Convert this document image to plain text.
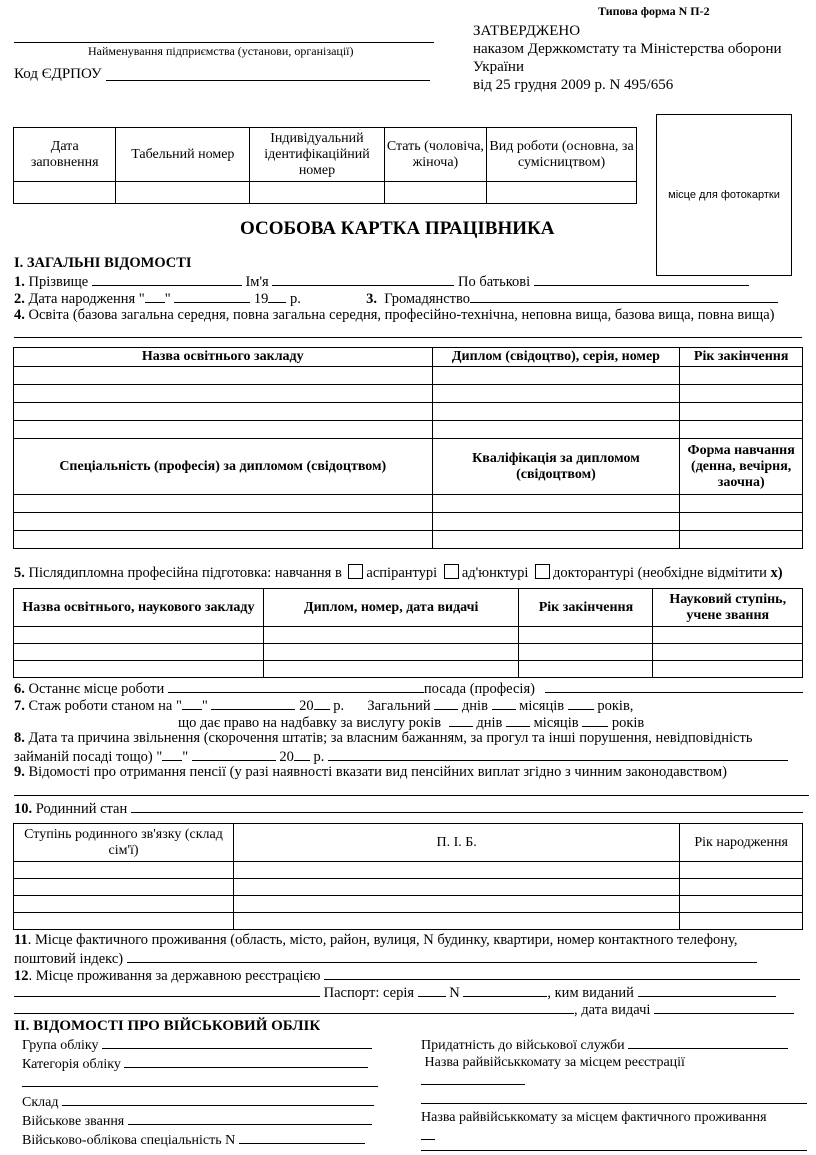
Типова форма N П-2
Найменування підприємства (установи, організації)
Код ЄДРПОУ
ЗАТВЕРДЖЕНО
наказом Держкомстату та Міністерства оборони
України
від 25 грудня 2009 р. N 495/656
Дата заповнення	Табельний номер	Індивідуальний ідентифікаційний номер	Стать (чоловіча, жіноча)	Вид роботи (основна, за сумісництвом)

місце для фотокартки
ОСОБОВА КАРТКА ПРАЦІВНИКА
I. ЗАГАЛЬНІ ВІДОМОСТІ
1. Прізвище	Ім'я	По батькові
2. Дата народження " "	19 р.	3. Громадянство
4. Освіта (базова загальна середня, повна загальна середня, професійно-технічна, неповна вища, базова вища, повна вища)
Назва освітнього закладу	Диплом (свідоцтво), серія, номер	Рік закінчення

Спеціальність (професія) за дипломом (свідоцтвом)	Кваліфікація за дипломом (свідоцтвом)	Форма навчання (денна, вечірня, заочна)

5. Післядипломна професійна підготовка: навчання в аспірантурі ад'юнктурі докторантурі (необхідне відмітити х)
Назва освітнього, наукового закладу	Диплом, номер, дата видачі	Рік закінчення	Науковий ступінь, учене звання

6. Останнє місце роботи	посада (професія)
7. Стаж роботи станом на " "	20 р. Загальний днів місяців років,
що дає право на надбавку за вислугу років днів місяців років
8. Дата та причина звільнення (скорочення штатів; за власним бажанням, за прогул та інші порушення, невідповідність
займаній посаді тощо) " "	20 р.
9. Відомості про отримання пенсії (у разі наявності вказати вид пенсійних виплат згідно з чинним законодавством)
10. Родинний стан
Ступінь родинного зв'язку (склад сім'ї)	П. І. Б.	Рік народження

11. Місце фактичного проживання (область, місто, район, вулиця, N будинку, квартири, номер контактного телефону,
поштовий індекс)
12. Місце проживання за державною реєстрацією
Паспорт: серія N	, ким виданий
, дата видачі
II. ВІДОМОСТІ ПРО ВІЙСЬКОВИЙ ОБЛІК
Група обліку
Категорія обліку
Склад
Військове звання
Військово-облікова спеціальність N
Придатність до військової служби
Назва райвійськкомату за місцем реєстрації
Назва райвійськкомату за місцем фактичного проживання
